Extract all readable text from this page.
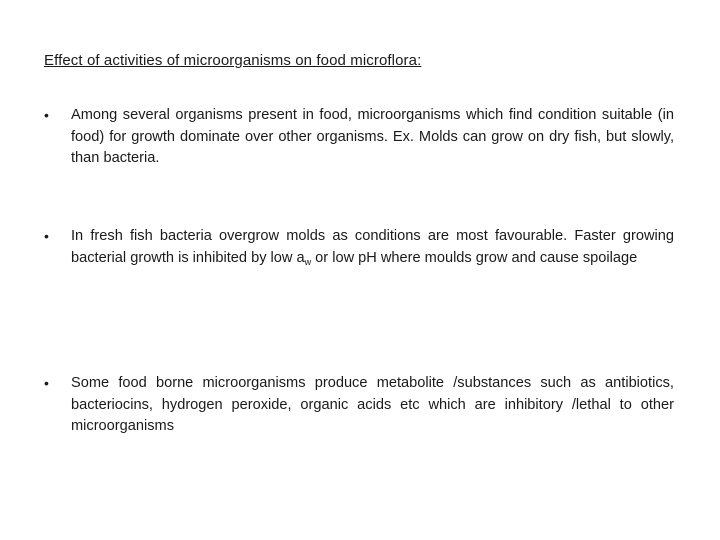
Effect of activities of microorganisms on food microflora:
•	Among several organisms present in food, microorganisms which find condition suitable (in food) for growth dominate over other organisms. Ex. Molds can grow on dry fish, but slowly, than bacteria.
•	In fresh fish bacteria overgrow molds as conditions are most favourable. Faster growing bacterial growth is inhibited by low $a_w$ or low pH where moulds grow and cause spoilage
•	Some food borne microorganisms produce metabolite /substances such as antibiotics, bacteriocins, hydrogen peroxide, organic acids etc which are inhibitory /lethal to other microorganisms
